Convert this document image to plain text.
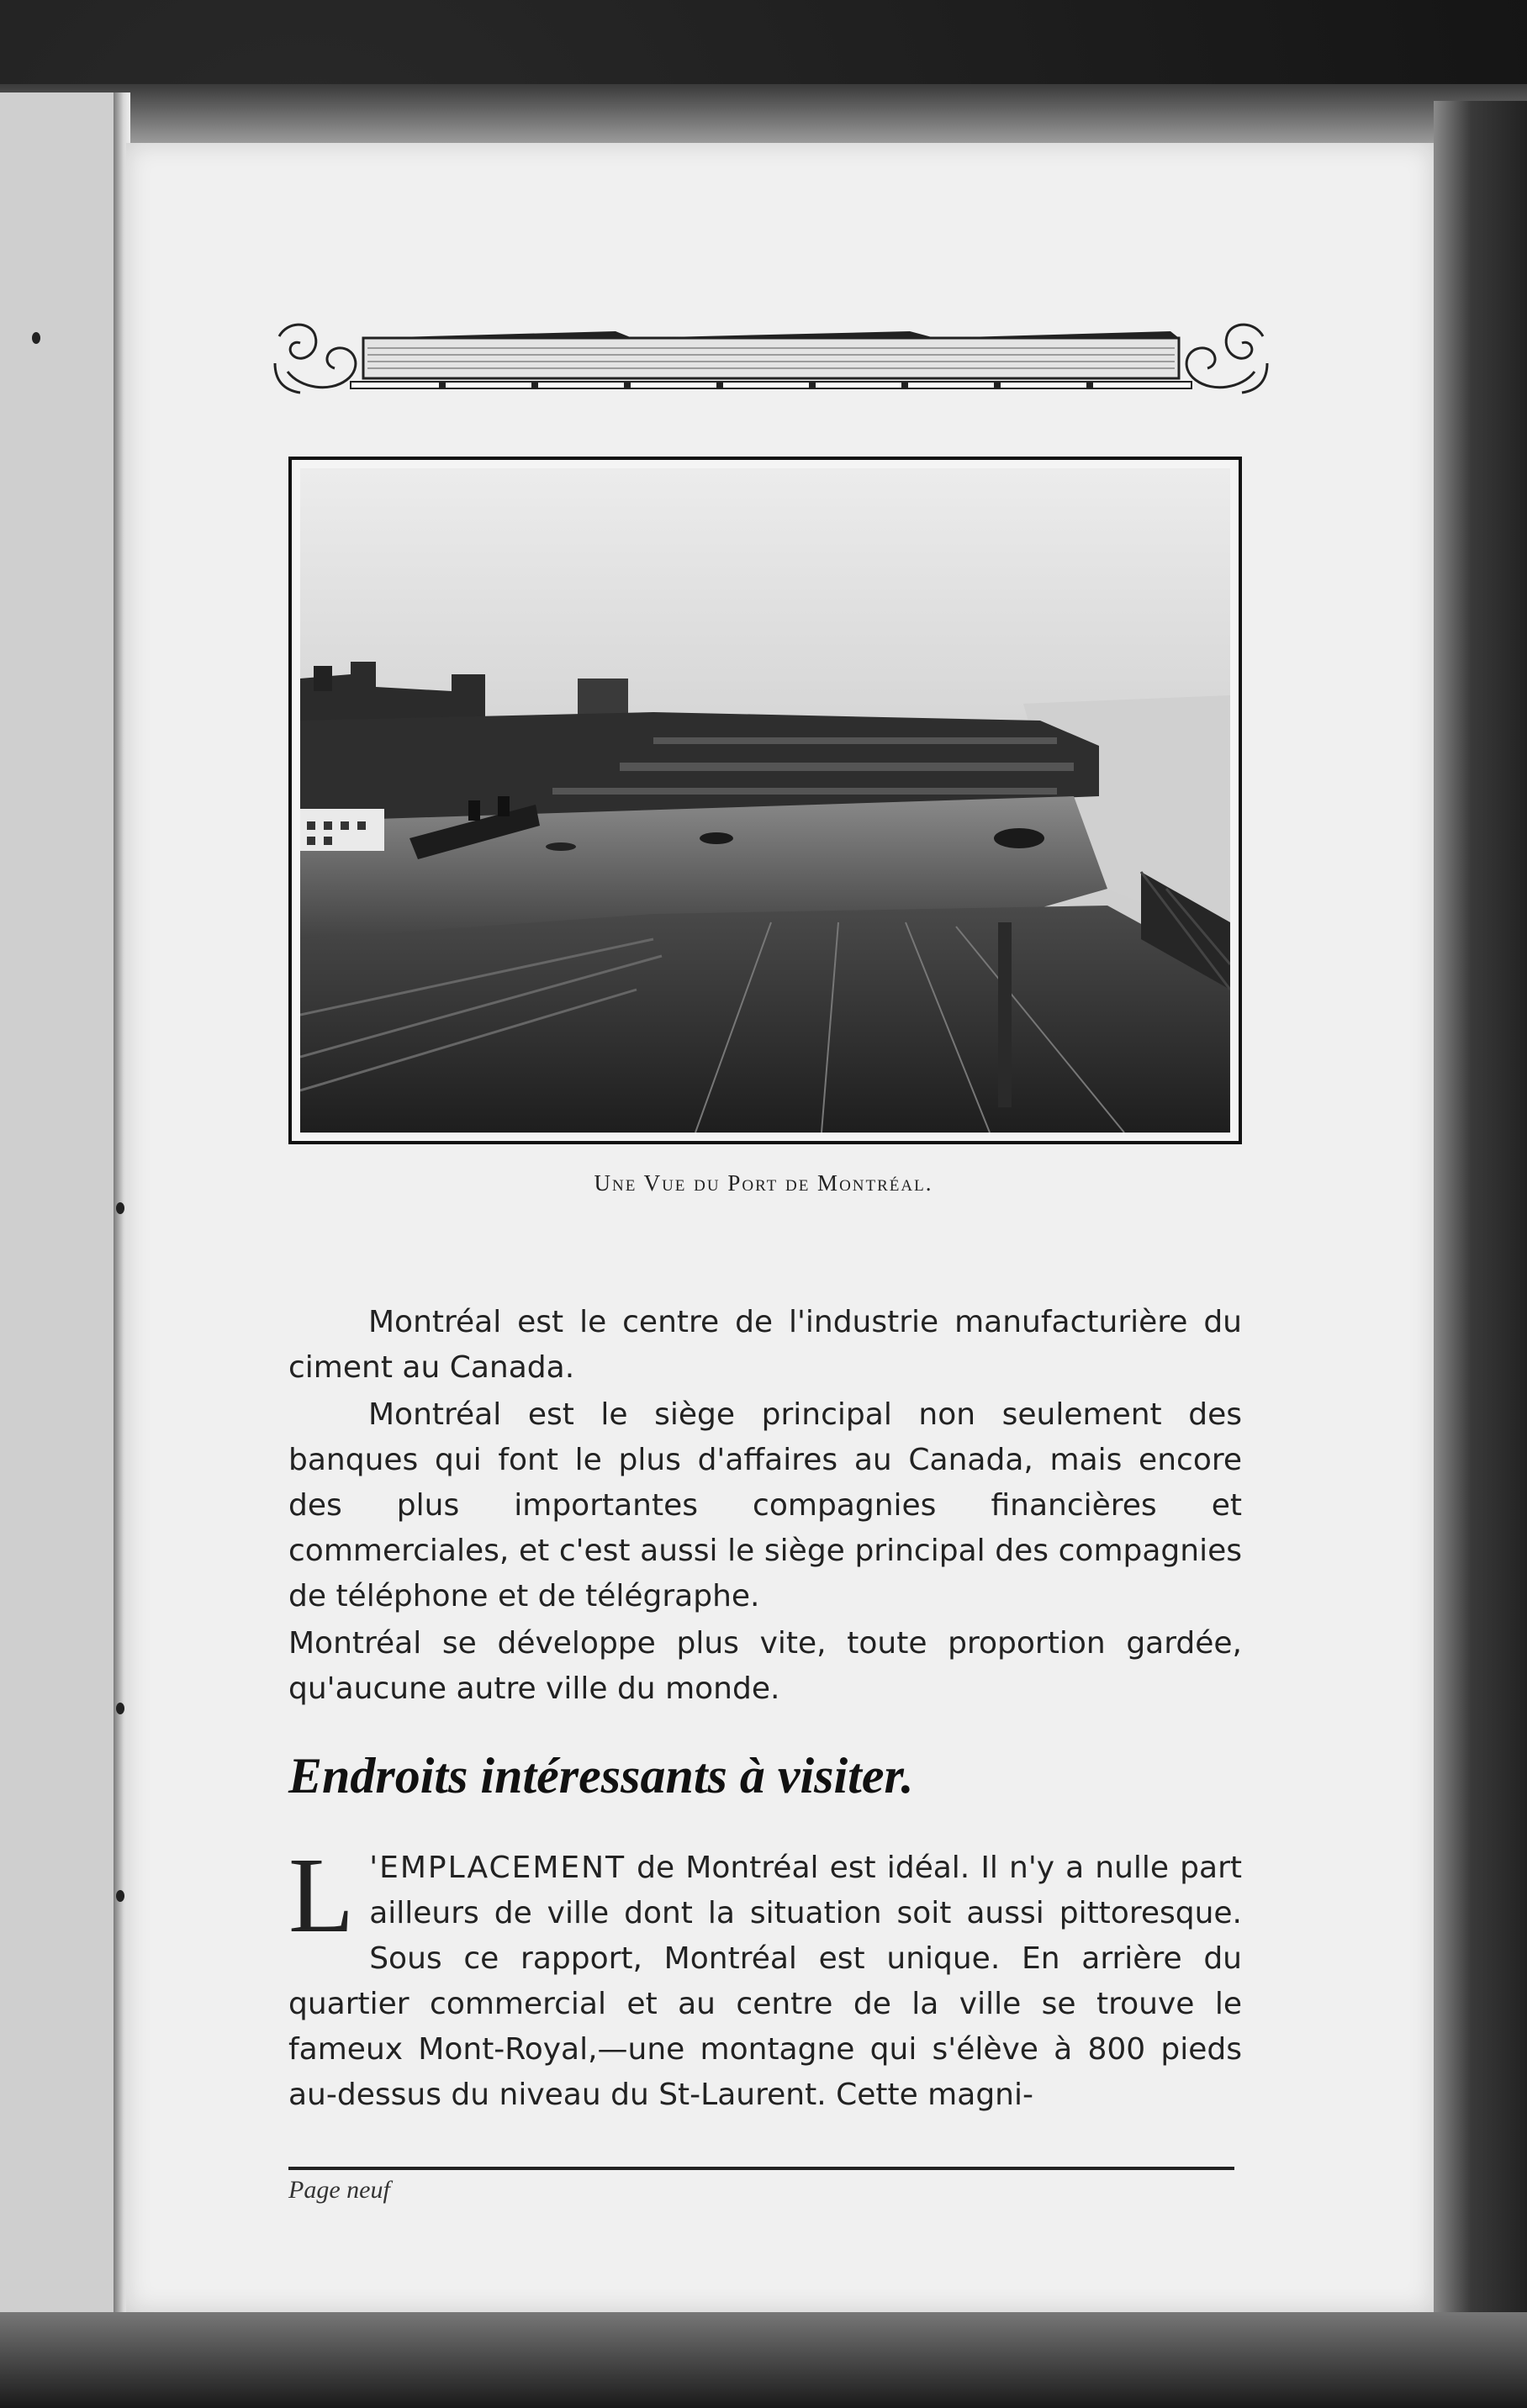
Une Vue du Port de Montréal.

Montréal est le centre de l'industrie manufacturière du ciment au Canada.

Montréal est le siège principal non seulement des banques qui font le plus d'affaires au Canada, mais encore des plus importantes compagnies financières et commerciales, et c'est aussi le siège principal des compagnies de téléphone et de télégraphe.

Montréal se développe plus vite, toute proportion gardée, qu'aucune autre ville du monde.

Endroits intéressants à visiter.
L 'EMPLACEMENT de Montréal est idéal. Il n'y a nulle part ailleurs de ville dont la situation soit aussi pittoresque. Sous ce rapport, Montréal est unique. En arrière du quartier commercial et au centre de la ville se trouve le fameux Mont-Royal,—une montagne qui s'élève à 800 pieds au-dessus du niveau du St-Laurent. Cette magni-
Page neuf
